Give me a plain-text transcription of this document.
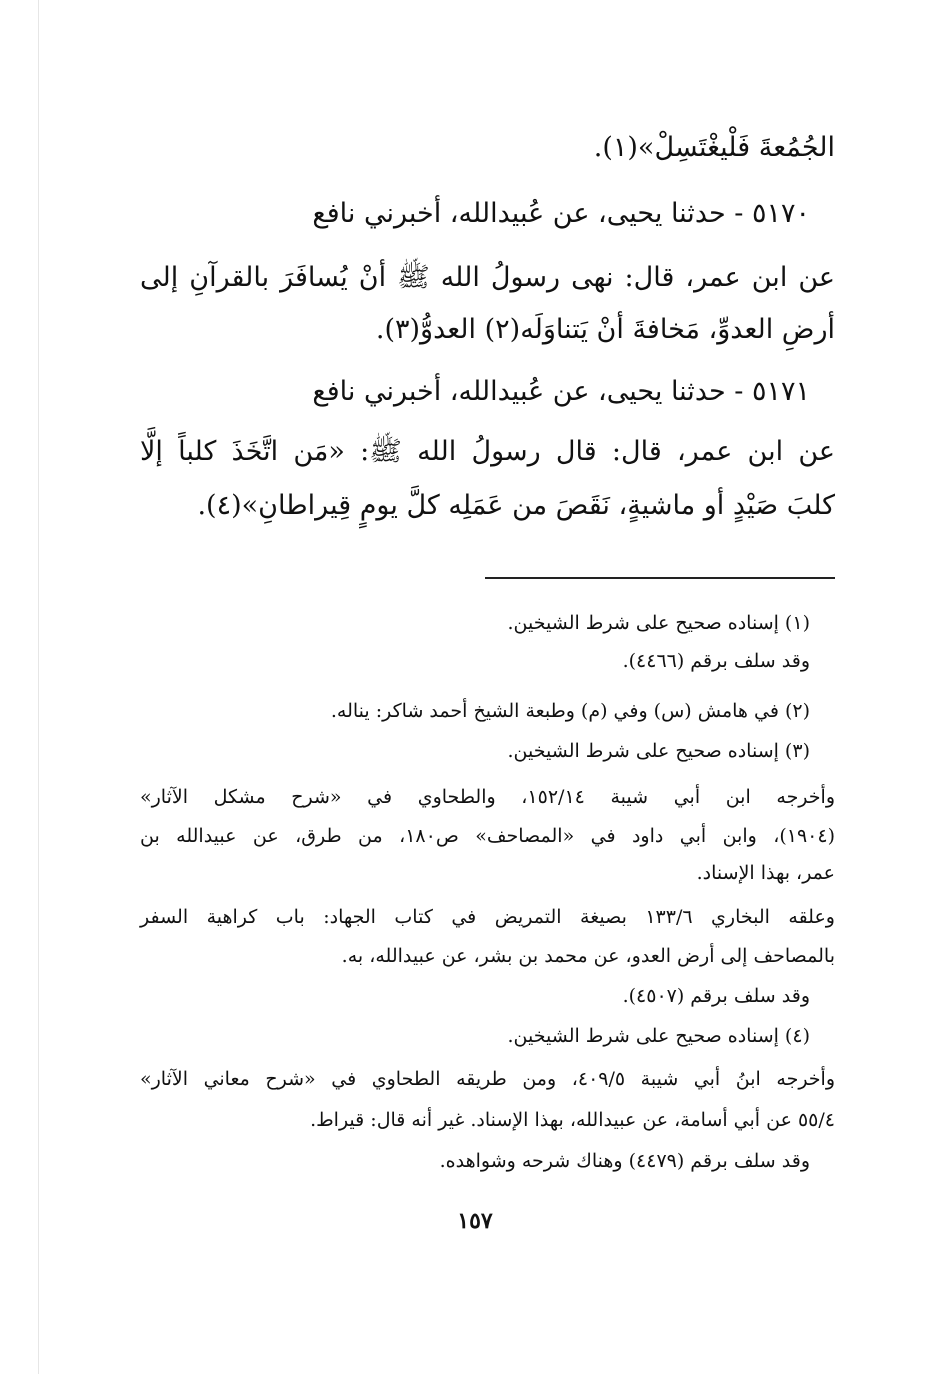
الجُمُعةَ فَلْيغْتَسِلْ»(١).
٥١٧٠ - حدثنا يحيى، عن عُبيدالله، أخبرني نافع
عن ابن عمر، قال: نهى رسولُ الله ﷺ أنْ يُسافَرَ بالقرآنِ إلى
أرضِ العدوِّ، مَخافةَ أنْ يَتناوَلَه(٢) العدوُّ(٣).
٥١٧١ - حدثنا يحيى، عن عُبيدالله، أخبرني نافع
عن ابن عمر، قال: قال رسولُ الله ﷺ: «مَن اتَّخَذَ كلباً إلَّا
كلبَ صَيْدٍ أو ماشيةٍ، نَقَصَ من عَمَلِه كلَّ يومٍ قِيراطانِ»(٤).
(١) إسناده صحيح على شرط الشيخين.
وقد سلف برقم (٤٤٦٦).
(٢) في هامش (س) وفي (م) وطبعة الشيخ أحمد شاكر: يناله.
(٣) إسناده صحيح على شرط الشيخين.
وأخرجه ابن أبي شيبة ١٥٢/١٤، والطحاوي في «شرح مشكل الآثار»
(١٩٠٤)، وابن أبي داود في «المصاحف» ص١٨٠، من طرق، عن عبيدالله بن
عمر، بهذا الإسناد.
وعلقه البخاري ١٣٣/٦ بصيغة التمريض في كتاب الجهاد: باب كراهية السفر
بالمصاحف إلى أرض العدو، عن محمد بن بشر، عن عبيدالله، به.
وقد سلف برقم (٤٥٠٧).
(٤) إسناده صحيح على شرط الشيخين.
وأخرجه ابنُ أبي شيبة ٤٠٩/٥، ومن طريقه الطحاوي في «شرح معاني الآثار»
٥٥/٤ عن أبي أسامة، عن عبيدالله، بهذا الإسناد. غير أنه قال: قيراط.
وقد سلف برقم (٤٤٧٩) وهناك شرحه وشواهده.
١٥٧
